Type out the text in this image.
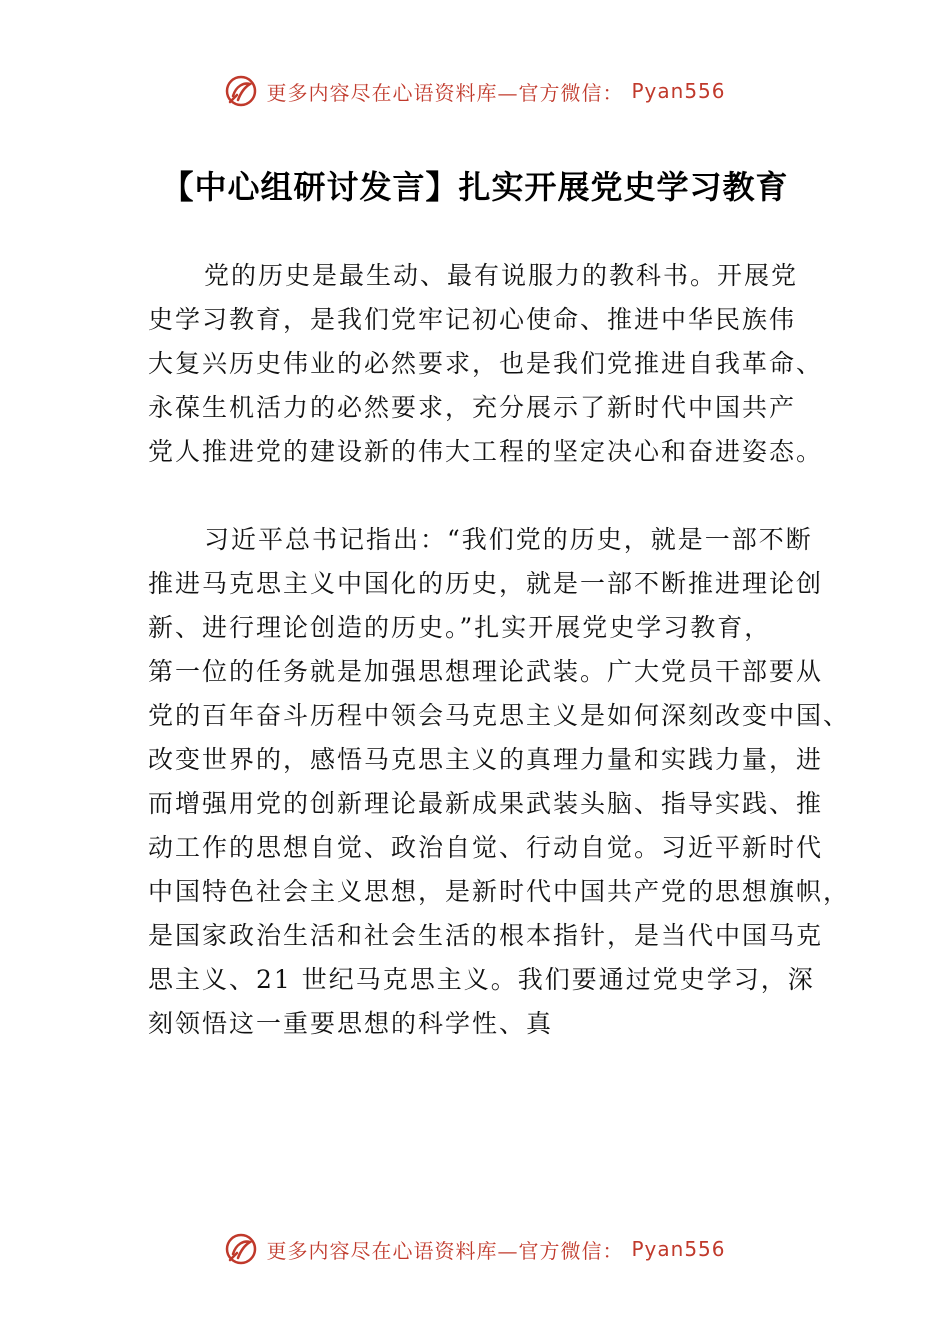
更多内容尽在心语资料库—官方微信： Pyan556
【中心组研讨发言】扎实开展党史学习教育
党的历史是最生动、最有说服力的教科书。开展党
史学习教育，是我们党牢记初心使命、推进中华民族伟
大复兴历史伟业的必然要求，也是我们党推进自我革命、
永葆生机活力的必然要求，充分展示了新时代中国共产
党人推进党的建设新的伟大工程的坚定决心和奋进姿态。
习近平总书记指出：“我们党的历史，就是一部不断
推进马克思主义中国化的历史，就是一部不断推进理论创
新、进行理论创造的历史。”扎实开展党史学习教育，
第一位的任务就是加强思想理论武装。广大党员干部要从
党的百年奋斗历程中领会马克思主义是如何深刻改变中国、
改变世界的，感悟马克思主义的真理力量和实践力量，进
而增强用党的创新理论最新成果武装头脑、指导实践、推
动工作的思想自觉、政治自觉、行动自觉。习近平新时代
中国特色社会主义思想，是新时代中国共产党的思想旗帜，
是国家政治生活和社会生活的根本指针，是当代中国马克
思主义、21 世纪马克思主义。我们要通过党史学习，深
刻领悟这一重要思想的科学性、真
更多内容尽在心语资料库—官方微信： Pyan556
